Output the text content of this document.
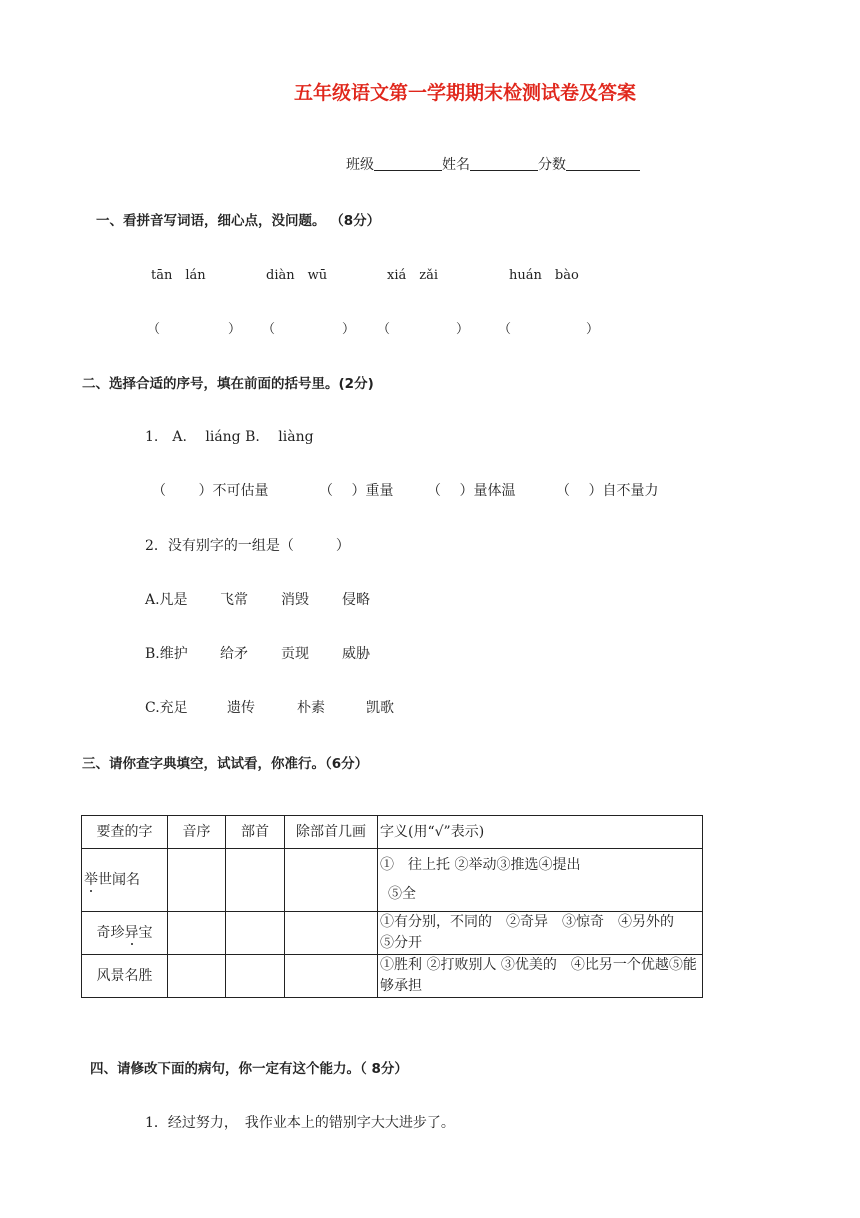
五年级语文第一学期期末检测试卷及答案
班级	姓名	分数
一、看拼音写词语，细心点，没问题。 （8分）
tān　lán	diàn　wū	xiá　zǎi	huán　bào
（	） （	） （	） （	）
二、选择合适的序号，填在前面的括号里。(2分)
1.　A.　 liáng B.　 liàng
（　　 ）不可估量	（　 ）重量 （　 ）量体温	（　 ）自不量力
2．没有别字的一组是（　　　）
A.凡是 飞常 消毁 侵略
B.维护 给矛 贡现 威胁
C.充足	遗传	朴素	凯歌
三、请你查字典填空，试试看，你准行。（6分）
要查的字	音序	部首	除部首几画	字义(用“√”表示)
举世闻名				①　往上托 ②举动③推选④提出
⑤全

奇珍异宝				①有分别，不同的　②奇异　③惊奇　④另外的　⑤分开
风景名胜				①胜利 ②打败别人 ③优美的　④比另一个优越⑤能够承担
四、请修改下面的病句，你一定有这个能力。（ 8分）
1．经过努力，　我作业本上的错别字大大进步了。
